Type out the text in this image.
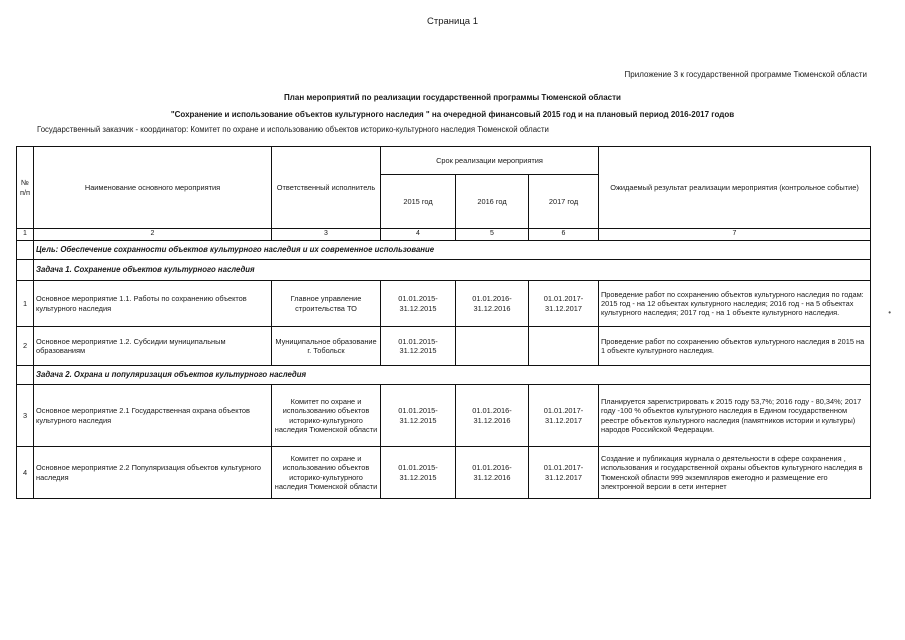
Страница 1
Приложение 3 к государственной программе Тюменской области
План мероприятий по реализации государственной программы Тюменской области
"Сохранение и использование объектов культурного наследия " на очередной финансовый 2015 год и на плановый период 2016-2017 годов
Государственный заказчик - координатор: Комитет по охране и использованию объектов историко-культурного наследия Тюменской области
•
№ п/п	Наименование основного мероприятия	Ответственный исполнитель	Срок реализации мероприятия			Ожидаемый результат реализации мероприятия (контрольное событие)
			2015 год	2016 год	2017 год	
1	2	3	4	5	6	7
	Цель: Обеспечение сохранности объектов культурного наследия и их современное использование					
	Задача 1. Сохранение объектов культурного наследия					
1	Основное мероприятие 1.1. Работы по сохранению объектов культурного наследия	Главное управление строительства ТО	01.01.2015-31.12.2015	01.01.2016-31.12.2016	01.01.2017-31.12.2017	Проведение работ по сохранению объектов культурного наследия по годам: 2015 год - на 12 объектах культурного наследия; 2016 год - на 5 объектах культурного наследия; 2017 год - на 1 объекте культурного наследия.
2	Основное мероприятие 1.2. Субсидии муниципальным образованиям	Муниципальное образование г. Тобольск	01.01.2015-31.12.2015			Проведение работ по сохранению объектов культурного наследия в 2015 на 1 объекте культурного наследия.
	Задача 2. Охрана и популяризация объектов культурного наследия					
3	Основное мероприятие 2.1 Государственная охрана объектов культурного наследия	Комитет по охране и использованию объектов историко-культурного наследия Тюменской области	01.01.2015-31.12.2015	01.01.2016-31.12.2016	01.01.2017-31.12.2017	Планируется зарегистрировать к 2015 году 53,7%; 2016 году - 80,34%; 2017 году -100 % объектов культурного наследия в Едином государственном реестре объектов культурного наследия (памятников истории и культуры) народов Российской Федерации.
4	Основное мероприятие 2.2 Популяризация объектов культурного наследия	Комитет по охране и использованию объектов историко-культурного наследия Тюменской области	01.01.2015-31.12.2015	01.01.2016-31.12.2016	01.01.2017-31.12.2017	Создание и публикация журнала о деятельности в сфере сохранения , использования и государственной охраны объектов культурного наследия в Тюменской области 999 экземпляров ежегодно и размещение его электронной версии в сети интернет
